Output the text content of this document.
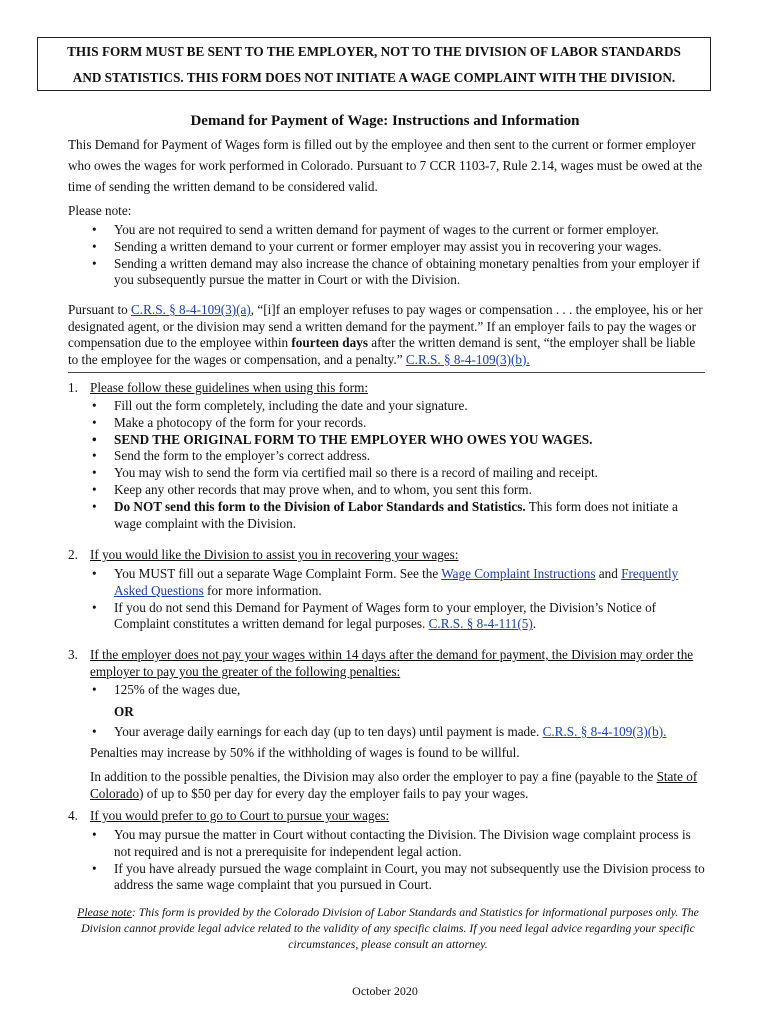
THIS FORM MUST BE SENT TO THE EMPLOYER, NOT TO THE DIVISION OF LABOR STANDARDS
AND STATISTICS. THIS FORM DOES NOT INITIATE A WAGE COMPLAINT WITH THE DIVISION.
Demand for Payment of Wage: Instructions and Information
This Demand for Payment of Wages form is filled out by the employee and then sent to the current or former employer who owes the wages for work performed in Colorado. Pursuant to 7 CCR 1103-7, Rule 2.14, wages must be owed at the time of sending the written demand to be considered valid.
Please note:
• You are not required to send a written demand for payment of wages to the current or former employer.
• Sending a written demand to your current or former employer may assist you in recovering your wages.
• Sending a written demand may also increase the chance of obtaining monetary penalties from your employer if you subsequently pursue the matter in Court or with the Division.
Pursuant to C.R.S. § 8-4-109(3)(a), “[i]f an employer refuses to pay wages or compensation . . . the employee, his or her designated agent, or the division may send a written demand for the payment.” If an employer fails to pay the wages or compensation due to the employee within fourteen days after the written demand is sent, “the employer shall be liable to the employee for the wages or compensation, and a penalty.” C.R.S. § 8-4-109(3)(b).
1. Please follow these guidelines when using this form:
• Fill out the form completely, including the date and your signature.
• Make a photocopy of the form for your records.
• SEND THE ORIGINAL FORM TO THE EMPLOYER WHO OWES YOU WAGES.
• Send the form to the employer’s correct address.
• You may wish to send the form via certified mail so there is a record of mailing and receipt.
• Keep any other records that may prove when, and to whom, you sent this form.
• Do NOT send this form to the Division of Labor Standards and Statistics. This form does not initiate a wage complaint with the Division.
2. If you would like the Division to assist you in recovering your wages:
• You MUST fill out a separate Wage Complaint Form. See the Wage Complaint Instructions and Frequently Asked Questions for more information.
• If you do not send this Demand for Payment of Wages form to your employer, the Division’s Notice of Complaint constitutes a written demand for legal purposes. C.R.S. § 8-4-111(5).
3. If the employer does not pay your wages within 14 days after the demand for payment, the Division may order the employer to pay you the greater of the following penalties:
• 125% of the wages due,
OR
• Your average daily earnings for each day (up to ten days) until payment is made. C.R.S. § 8-4-109(3)(b).
Penalties may increase by 50% if the withholding of wages is found to be willful.
In addition to the possible penalties, the Division may also order the employer to pay a fine (payable to the State of Colorado) of up to $50 per day for every day the employer fails to pay your wages.
4. If you would prefer to go to Court to pursue your wages:
• You may pursue the matter in Court without contacting the Division. The Division wage complaint process is not required and is not a prerequisite for independent legal action.
• If you have already pursued the wage complaint in Court, you may not subsequently use the Division process to address the same wage complaint that you pursued in Court.
Please note: This form is provided by the Colorado Division of Labor Standards and Statistics for informational purposes only. The Division cannot provide legal advice related to the validity of any specific claims. If you need legal advice regarding your specific circumstances, please consult an attorney.
October 2020
